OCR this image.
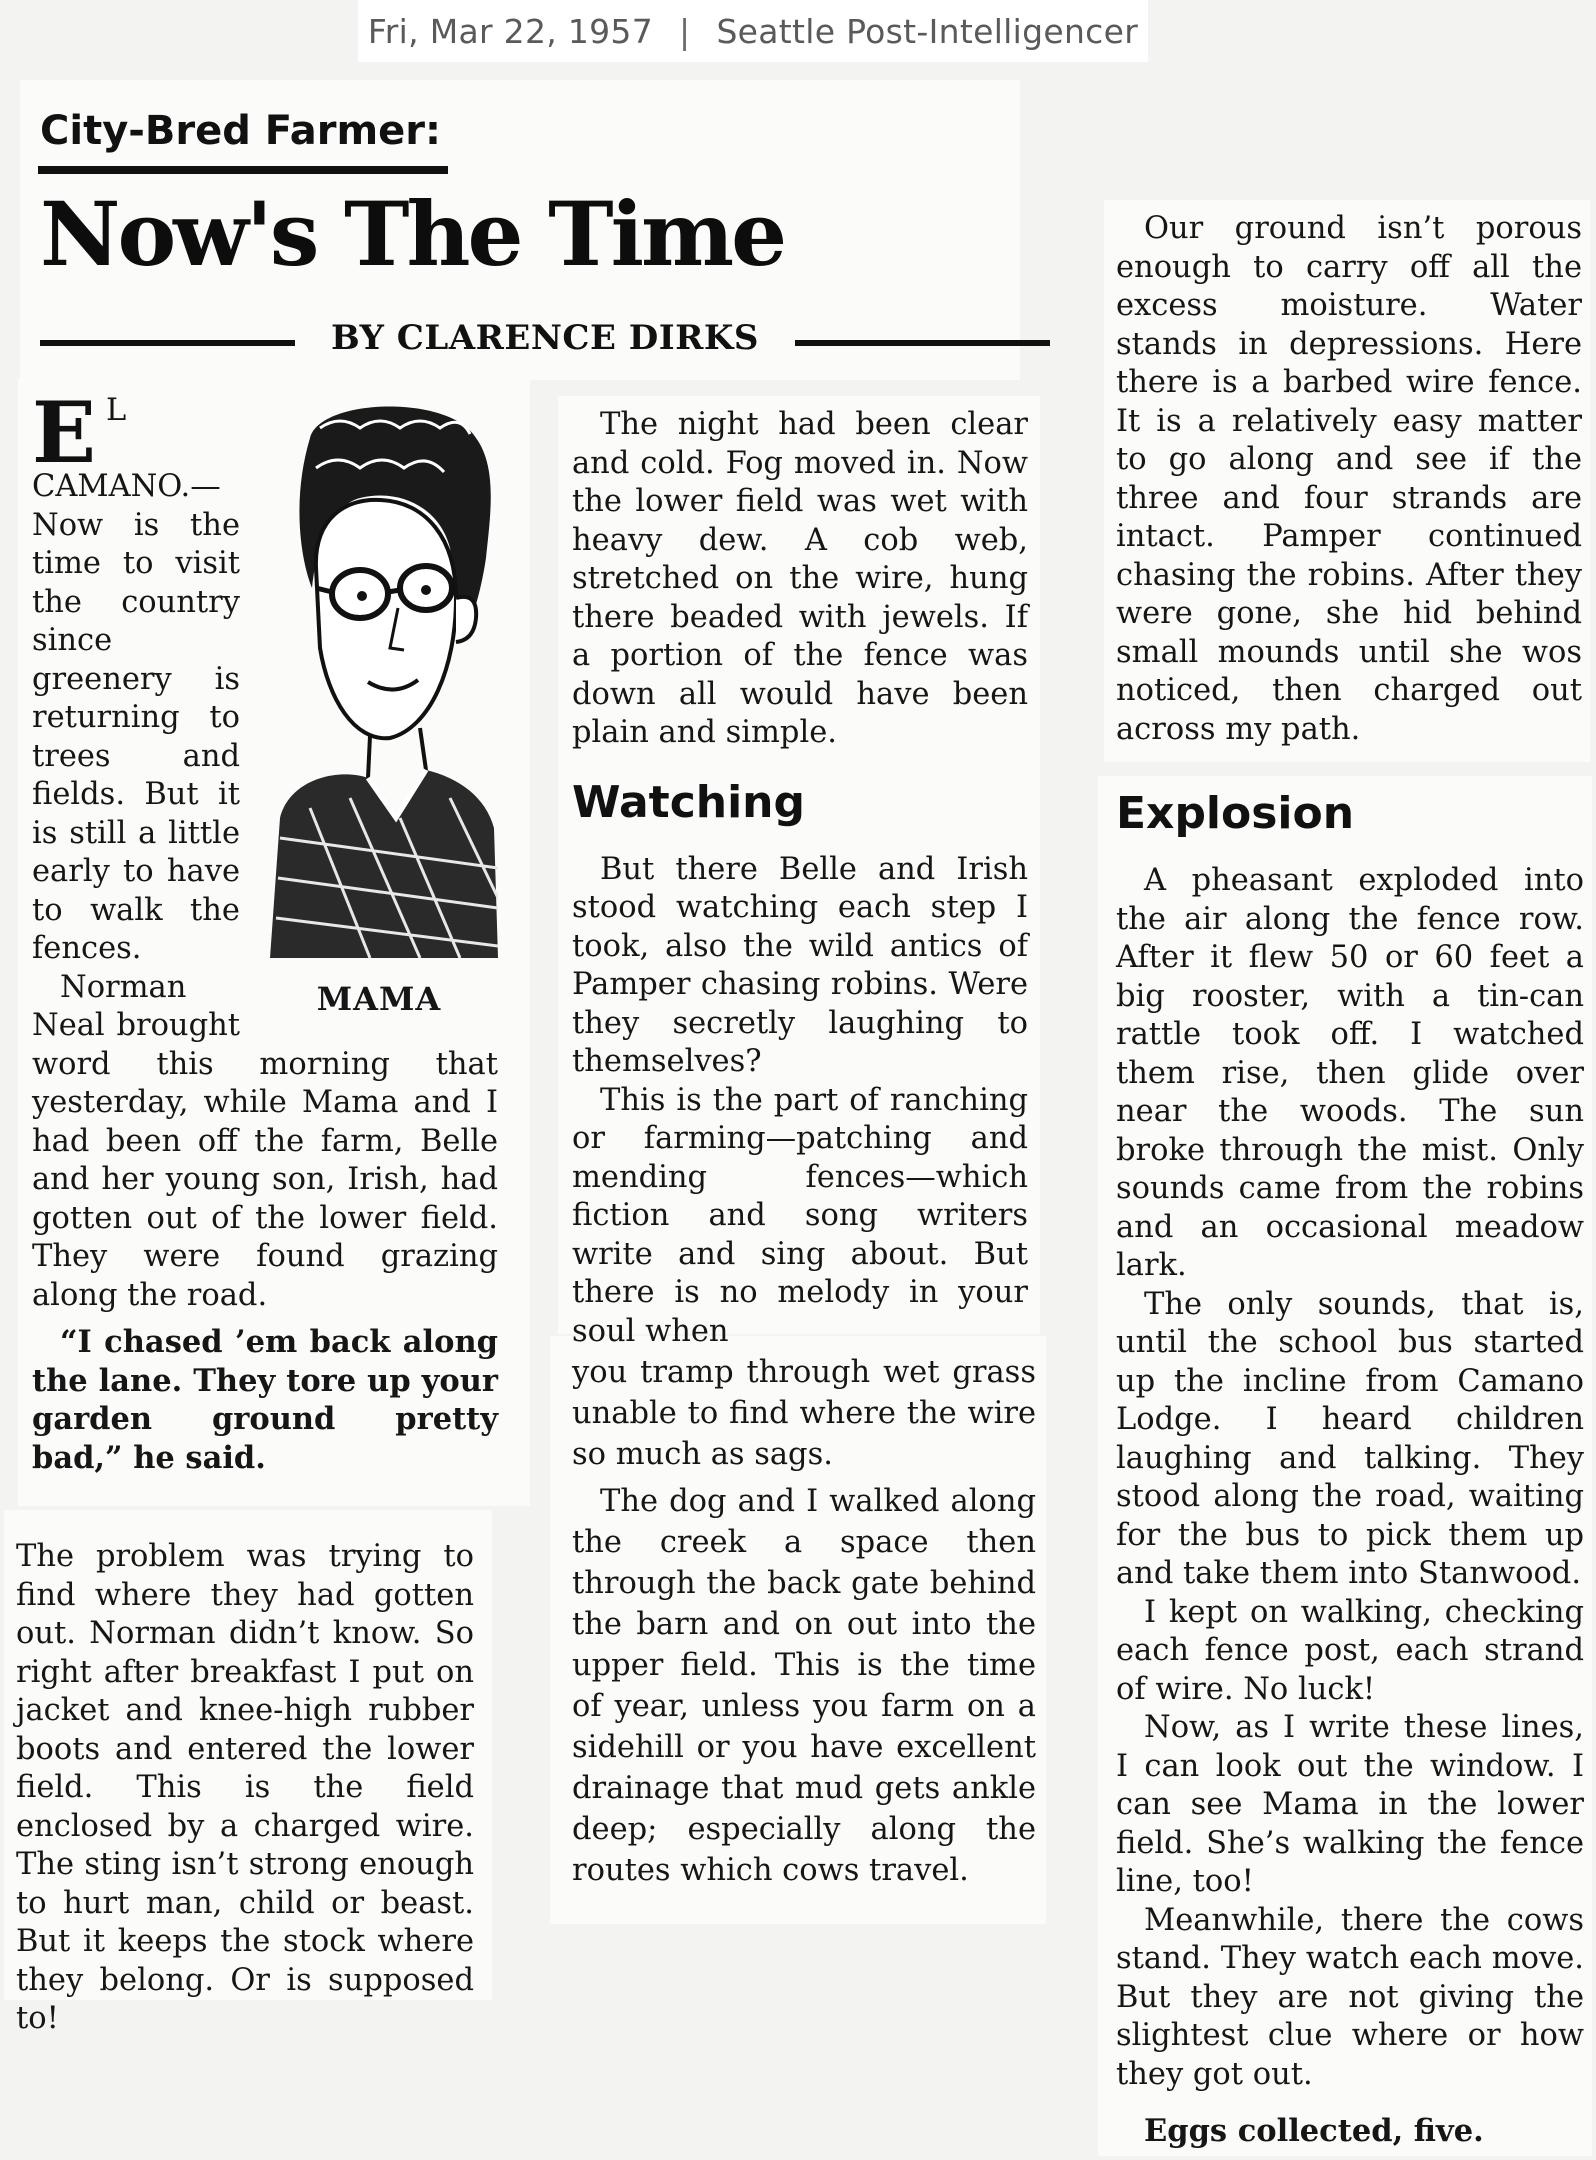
Fri, Mar 22, 1957 | Seattle Post-Intelligencer
City-Bred Farmer:
Now's The Time
BY CLARENCE DIRKS
MAMA

E L CAMANO.—Now is the time to visit the country since greenery is returning to trees and fields. But it is still a little early to have to walk the fences.

Norman Neal brought word this morning that yesterday, while Mama and I had been off the farm, Belle and her young son, Irish, had gotten out of the lower field. They were found grazing along the road.

“I chased ’em back along the lane. They tore up your garden ground pretty bad,” he said.

The problem was trying to find where they had gotten out. Norman didn’t know. So right after breakfast I put on jacket and knee-high rubber boots and entered the lower field. This is the field enclosed by a charged wire. The sting isn’t strong enough to hurt man, child or beast. But it keeps the stock where they belong. Or is supposed to!

The night had been clear and cold. Fog moved in. Now the lower field was wet with heavy dew. A cob web, stretched on the wire, hung there beaded with jewels. If a portion of the fence was down all would have been plain and simple.

Watching

But there Belle and Irish stood watching each step I took, also the wild antics of Pamper chasing robins. Were they secretly laughing to themselves?

This is the part of ranching or farming—patching and mending fences—which fiction and song writers write and sing about. But there is no melody in your soul when

you tramp through wet grass unable to find where the wire so much as sags.

The dog and I walked along the creek a space then through the back gate behind the barn and on out into the upper field. This is the time of year, unless you farm on a sidehill or you have excellent drainage that mud gets ankle deep; especially along the routes which cows travel.

Our ground isn’t porous enough to carry off all the excess moisture. Water stands in depressions. Here there is a barbed wire fence. It is a relatively easy matter to go along and see if the three and four strands are intact. Pamper continued chasing the robins. After they were gone, she hid behind small mounds until she wos noticed, then charged out across my path.

Explosion

A pheasant exploded into the air along the fence row. After it flew 50 or 60 feet a big rooster, with a tin-can rattle took off. I watched them rise, then glide over near the woods. The sun broke through the mist. Only sounds came from the robins and an occasional meadow lark.

The only sounds, that is, until the school bus started up the incline from Camano Lodge. I heard children laughing and talking. They stood along the road, waiting for the bus to pick them up and take them into Stanwood.

I kept on walking, checking each fence post, each strand of wire. No luck!

Now, as I write these lines, I can look out the window. I can see Mama in the lower field. She’s walking the fence line, too!

Meanwhile, there the cows stand. They watch each move. But they are not giving the slightest clue where or how they got out.

Eggs collected, five.
